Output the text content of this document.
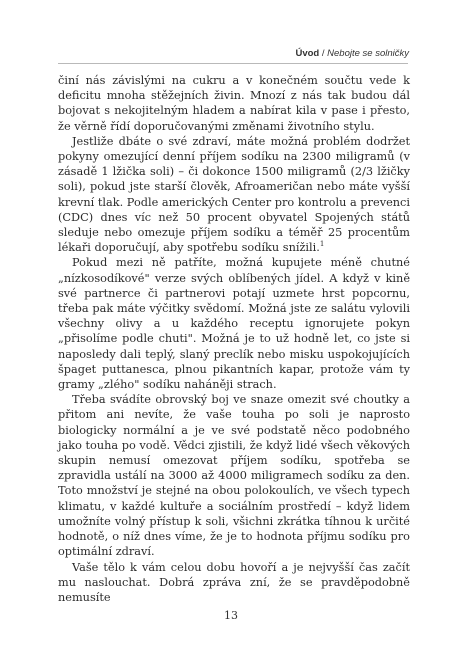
Úvod / Nebojte se solničky

činí nás závislými na cukru a v konečném součtu vede k deficitu mnoha stěžejních živin. Mnozí z nás tak budou dál bojovat s nekojitelným hladem a nabírat kila v pase i přesto, že věrně řídí doporučovanými změnami životního stylu.

Jestliže dbáte o své zdraví, máte možná problém dodržet pokyny omezující denní příjem sodíku na 2300 miligramů (v zásadě 1 lžička soli) – či dokonce 1500 miligramů (2/3 lžičky soli), pokud jste starší člověk, Afroameričan nebo máte vyšší krevní tlak. Podle amerických Center pro kontrolu a prevenci (CDC) dnes víc než 50 procent obyvatel Spojených států sleduje nebo omezuje příjem sodíku a téměř 25 procentům lékaři doporučují, aby spotřebu sodíku snížili.$^1$

Pokud mezi ně patříte, možná kupujete méně chutné „nízkosodíkové" verze svých oblíbených jídel. A když v kině své partnerce či partnerovi potají uzmete hrst popcornu, třeba pak máte výčitky svědomí. Možná jste ze salátu vylovili všechny olivy a u každého receptu ignorujete pokyn „přisolíme podle chuti". Možná je to už hodně let, co jste si naposledy dali teplý, slaný preclík nebo misku uspokojujících špaget puttanesca, plnou pikantních kapar, protože vám ty gramy „zlého" sodíku naháněji strach.

Třeba svádíte obrovský boj ve snaze omezit své choutky a přitom ani nevíte, že vaše touha po soli je naprosto biologicky normální a je ve své podstatě něco podobného jako touha po vodě. Vědci zjistili, že když lidé všech věkových skupin nemusí omezovat příjem sodíku, spotřeba se zpravidla ustálí na 3000 až 4000 miligramech sodíku za den. Toto množství je stejné na obou polokoulích, ve všech typech klimatu, v každé kultuře a sociálním prostředí – když lidem umožníte volný přístup k soli, všichni zkrátka tíhnou k určité hodnotě, o níž dnes víme, že je to hodnota příjmu sodíku pro optimální zdraví.

Vaše tělo k vám celou dobu hovoří a je nejvyšší čas začít mu naslouchat. Dobrá zpráva zní, že se pravděpodobně nemusíte

13
